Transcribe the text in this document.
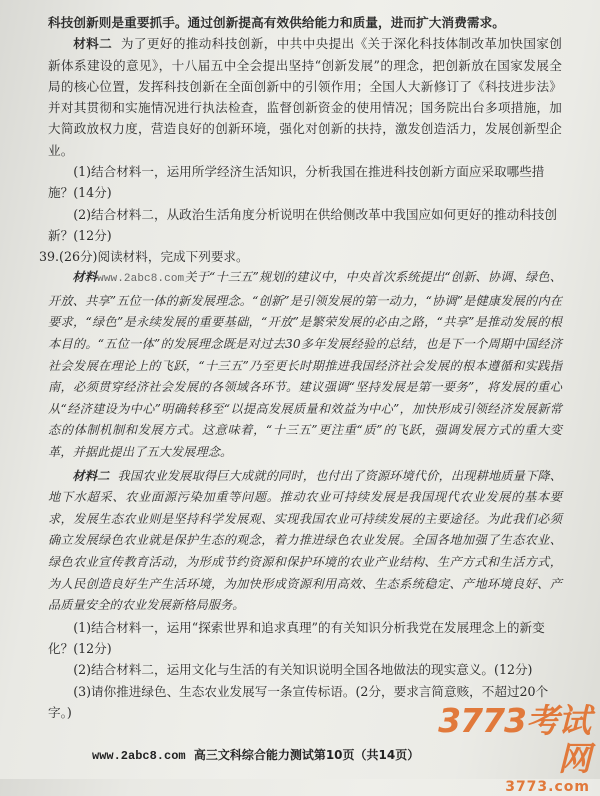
科技创新则是重要抓手。通过创新提高有效供给能力和质量，进而扩大消费需求。

材料二 为了更好的推动科技创新，中共中央提出《关于深化科技体制改革加快国家创新体系建设的意见》，十八届五中全会提出坚持“创新发展”的理念，把创新放在国家发展全局的核心位置，发挥科技创新在全面创新中的引领作用；全国人大新修订了《科技进步法》并对其贯彻和实施情况进行执法检查，监督创新资金的使用情况；国务院出台多项措施，加大简政放权力度，营造良好的创新环境，强化对创新的扶持，激发创造活力，发展创新型企业。

(1)结合材料一，运用所学经济生活知识，分析我国在推进科技创新方面应采取哪些措施？(14分)

(2)结合材料二，从政治生活角度分析说明在供给侧改革中我国应如何更好的推动科技创新？(12分)

39.(26分)阅读材料，完成下列要求。

材料www.2abc8.com关于“十三五”规划的建议中，中央首次系统提出“创新、协调、绿色、开放、共享”五位一体的新发展理念。“创新”是引领发展的第一动力，“协调”是健康发展的内在要求，“绿色”是永续发展的重要基础，“开放”是繁荣发展的必由之路，“共享”是推动发展的根本目的。“五位一体”的发展理念既是对过去30多年发展经验的总结，也是下一个周期中国经济社会发展在理论上的飞跃，“十三五”乃至更长时期推进我国经济社会发展的根本遵循和实践指南，必须贯穿经济社会发展的各领域各环节。建议强调“坚持发展是第一要务”，将发展的重心从“经济建设为中心”明确转移至“以提高发展质量和效益为中心”，加快形成引领经济发展新常态的体制机制和发展方式。这意味着，“十三五”更注重“质”的飞跃，强调发展方式的重大变革，并据此提出了五大发展理念。

材料二 我国农业发展取得巨大成就的同时，也付出了资源环境代价，出现耕地质量下降、地下水超采、农业面源污染加重等问题。推动农业可持续发展是我国现代农业发展的基本要求，发展生态农业则是坚持科学发展观、实现我国农业可持续发展的主要途径。为此我们必须确立发展绿色农业就是保护生态的观念，着力推进绿色农业发展。全国各地加强了生态农业、绿色农业宣传教育活动，为形成节约资源和保护环境的农业产业结构、生产方式和生活方式，为人民创造良好生产生活环境，为加快形成资源利用高效、生态系统稳定、产地环境良好、产品质量安全的农业发展新格局服务。

(1)结合材料一，运用“探索世界和追求真理”的有关知识分析我党在发展理念上的新变化？(12分)

(2)结合材料二，运用文化与生活的有关知识说明全国各地做法的现实意义。(12分)

(3)请你推进绿色、生态农业发展写一条宣传标语。(2分，要求言简意赅，不超过20个字。)

www.2abc8.com 高三文科综合能力测试第10页（共14页）
3773考试网
3773.com
